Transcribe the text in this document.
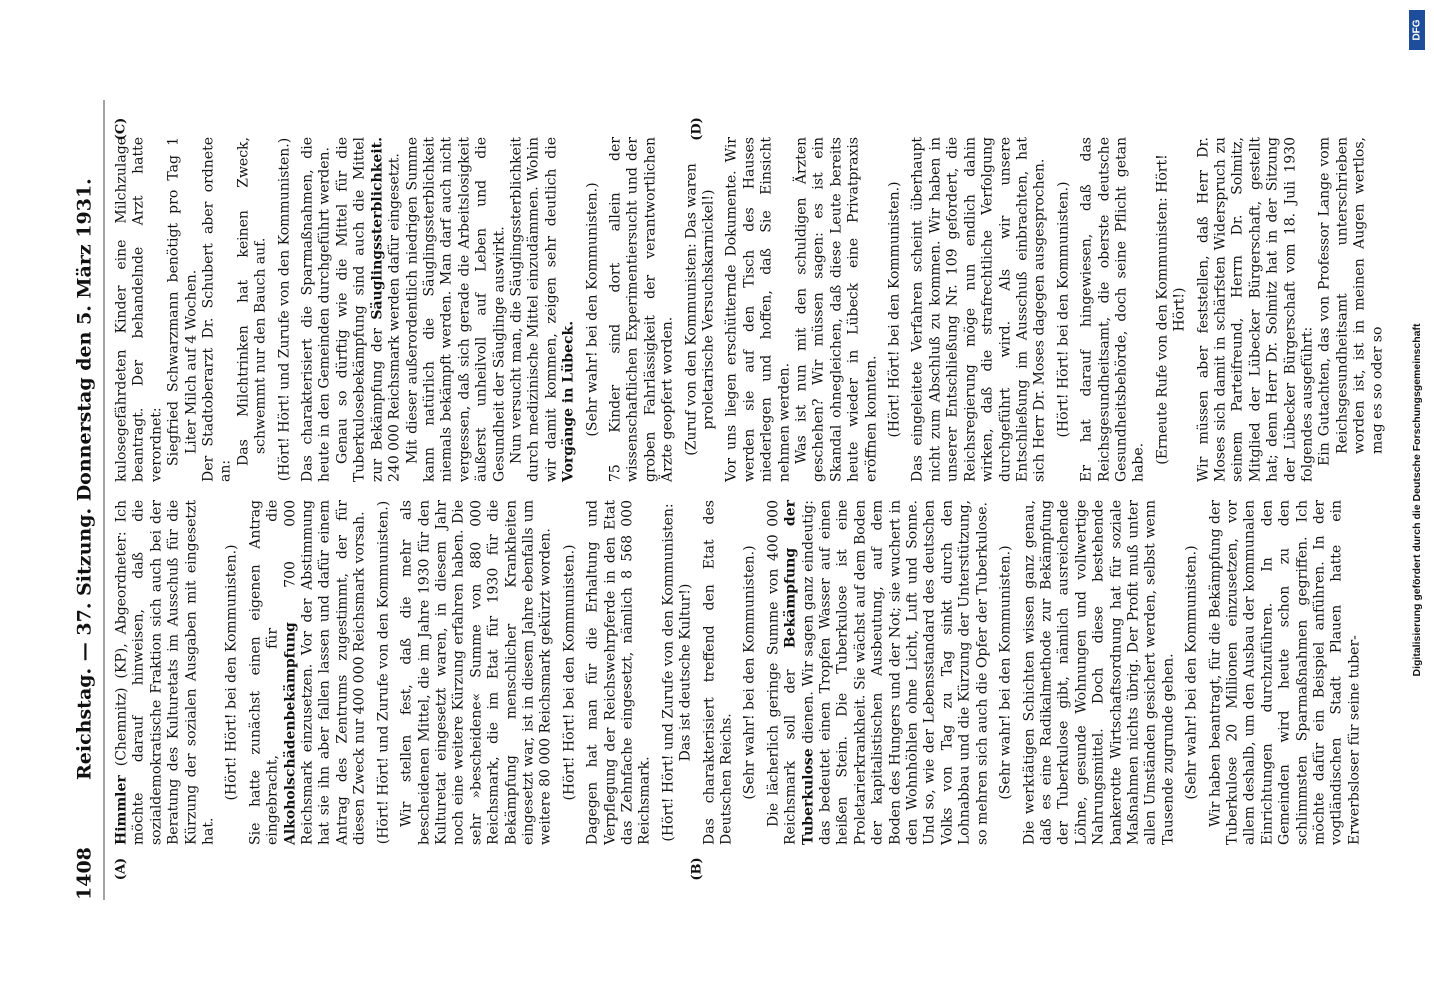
1408
Reichstag. — 37. Sitzung. Donnerstag den 5. März 1931.
(A)	(B)
(C)	(D)

Himmler (Chemnitz) (KP), Abgeordneter: Ich möchte darauf hinweisen, daß die sozialdemokratische Fraktion sich auch bei der Beratung des Kulturetats im Ausschuß für die Kürzung der sozialen Ausgaben mit eingesetzt hat.

(Hört! Hört! bei den Kommunisten.) Sie hatte zunächst einen eigenen Antrag eingebracht, für die Alkoholschädenbekämpfung 700 000 Reichsmark einzusetzen. Vor der Abstimmung hat sie ihn aber fallen lassen und dafür einem Antrag des Zentrums zugestimmt, der für diesen Zweck nur 400 000 Reichsmark vorsah. (Hört! Hört! und Zurufe von den Kommunisten.) Wir stellen fest, daß die mehr als bescheidenen Mittel, die im Jahre 1930 für den Kulturetat eingesetzt waren, in diesem Jahr noch eine weitere Kürzung erfahren haben. Die sehr »bescheidene« Summe von 880 000 Reichsmark, die im Etat für 1930 für die Bekämpfung menschlicher Krankheiten eingesetzt war, ist in diesem Jahre ebenfalls um weitere 80 000 Reichsmark gekürzt worden. (Hört! Hört! bei den Kommunisten.) Dagegen hat man für die Erhaltung und Verpflegung der Reichswehrpferde in den Etat das Zehnfache eingesetzt, nämlich 8 568 000 Reichsmark. (Hört! Hört! und Zurufe von den Kommunisten: Das ist deutsche Kultur!) Das charakterisiert treffend den Etat des Deutschen Reichs. (Sehr wahr! bei den Kommunisten.) Die lächerlich geringe Summe von 400 000 Reichsmark soll der Bekämpfung der Tuberkulose dienen. Wir sagen ganz eindeutig: das bedeutet einen Tropfen Wasser auf einen heißen Stein. Die Tuberkulose ist eine Proletarierkrankheit. Sie wächst auf dem Boden der kapitalistischen Ausbeutung, auf dem Boden des Hungers und der Not; sie wuchert in den Wohnhöhlen ohne Licht, Luft und Sonne. Und so, wie der Lebensstandard des deutschen Volks von Tag zu Tag sinkt durch den Lohnabbau und die Kürzung der Unterstützung, so mehren sich auch die Opfer der Tuberkulose. (Sehr wahr! bei den Kommunisten.) Die werktätigen Schichten wissen ganz genau, daß es eine Radikalmethode zur Bekämpfung der Tuberkulose gibt, nämlich ausreichende Löhne, gesunde Wohnungen und vollwertige Nahrungsmittel. Doch diese bestehende bankerotte Wirtschaftsordnung hat für soziale Maßnahmen nichts übrig. Der Profit muß unter allen Umständen gesichert werden, selbst wenn Tausende zugrunde gehen. (Sehr wahr! bei den Kommunisten.) Wir haben beantragt, für die Bekämpfung der Tuberkulose 20 Millionen einzusetzen, vor allem deshalb, um den Ausbau der kommunalen Einrichtungen durchzuführen. In den Gemeinden wird heute schon zu den schlimmsten Sparmaßnahmen gegriffen. Ich möchte dafür ein Beispiel anführen. In der vogtländischen Stadt Plauen hatte ein Erwerbsloser für seine tuber-

kulosegefährdeten Kinder eine Milchzulage beantragt. Der behandelnde Arzt hatte verordnet: Siegfried Schwarzmann benötigt pro Tag 1 Liter Milch auf 4 Wochen. Der Stadtoberarzt Dr. Schubert aber ordnete an:

Das Milchtrinken hat keinen Zweck, schwemmt nur den Bauch auf. (Hört! Hört! und Zurufe von den Kommunisten.) Das charakterisiert die Sparmaßnahmen, die heute in den Gemeinden durchgeführt werden. Genau so dürftig wie die Mittel für die Tuberkulosebekämpfung sind auch die Mittel zur Bekämpfung der Säuglingssterblichkeit. 240 000 Reichsmark werden dafür eingesetzt. Mit dieser außerordentlich niedrigen Summe kann natürlich die Säuglingssterblichkeit niemals bekämpft werden. Man darf auch nicht vergessen, daß sich gerade die Arbeitslosigkeit äußerst unheilvoll auf Leben und die Gesundheit der Säuglinge auswirkt. Nun versucht man, die Säuglingssterblichkeit durch medizinische Mittel einzudämmen. Wohin wir damit kommen, zeigen sehr deutlich die Vorgänge in Lübeck. (Sehr wahr! bei den Kommunisten.) 75 Kinder sind dort allein der wissenschaftlichen Experimentiersucht und der groben Fahrlässigkeit der verantwortlichen Ärzte geopfert worden. (Zuruf von den Kommunisten: Das waren proletarische Versuchskarnickel!) Vor uns liegen erschütternde Dokumente. Wir werden sie auf den Tisch des Hauses niederlegen und hoffen, daß Sie Einsicht nehmen werden. Was ist nun mit den schuldigen Ärzten geschehen? Wir müssen sagen: es ist ein Skandal ohnegleichen, daß diese Leute bereits heute wieder in Lübeck eine Privatpraxis eröffnen konnten. (Hört! Hört! bei den Kommunisten.) Das eingeleitete Verfahren scheint überhaupt nicht zum Abschluß zu kommen. Wir haben in unserer Entschließung Nr. 109 gefordert, die Reichsregierung möge nun endlich dahin wirken, daß die strafrechtliche Verfolgung durchgeführt wird. Als wir unsere Entschließung im Ausschuß einbrachten, hat sich Herr Dr. Moses dagegen ausgesprochen. (Hört! Hört! bei den Kommunisten.) Er hat darauf hingewiesen, daß das Reichsgesundheitsamt, die oberste deutsche Gesundheitsbehörde, doch seine Pflicht getan habe. (Erneute Rufe von den Kommunisten: Hört! Hört!) Wir müssen aber feststellen, daß Herr Dr. Moses sich damit in schärfsten Widerspruch zu seinem Parteifreund, Herrn Dr. Solmitz, Mitglied der Lübecker Bürgerschaft, gestellt hat; denn Herr Dr. Solmitz hat in der Sitzung der Lübecker Bürgerschaft vom 18. Juli 1930 folgendes ausgeführt: Ein Gutachten, das von Professor Lange vom Reichsgesundheitsamt unterschrieben worden ist, ist in meinen Augen wertlos, mag es so oder so Digitalisierung gefördert durch die Deutsche Forschungsgemeinschaft
DFG
